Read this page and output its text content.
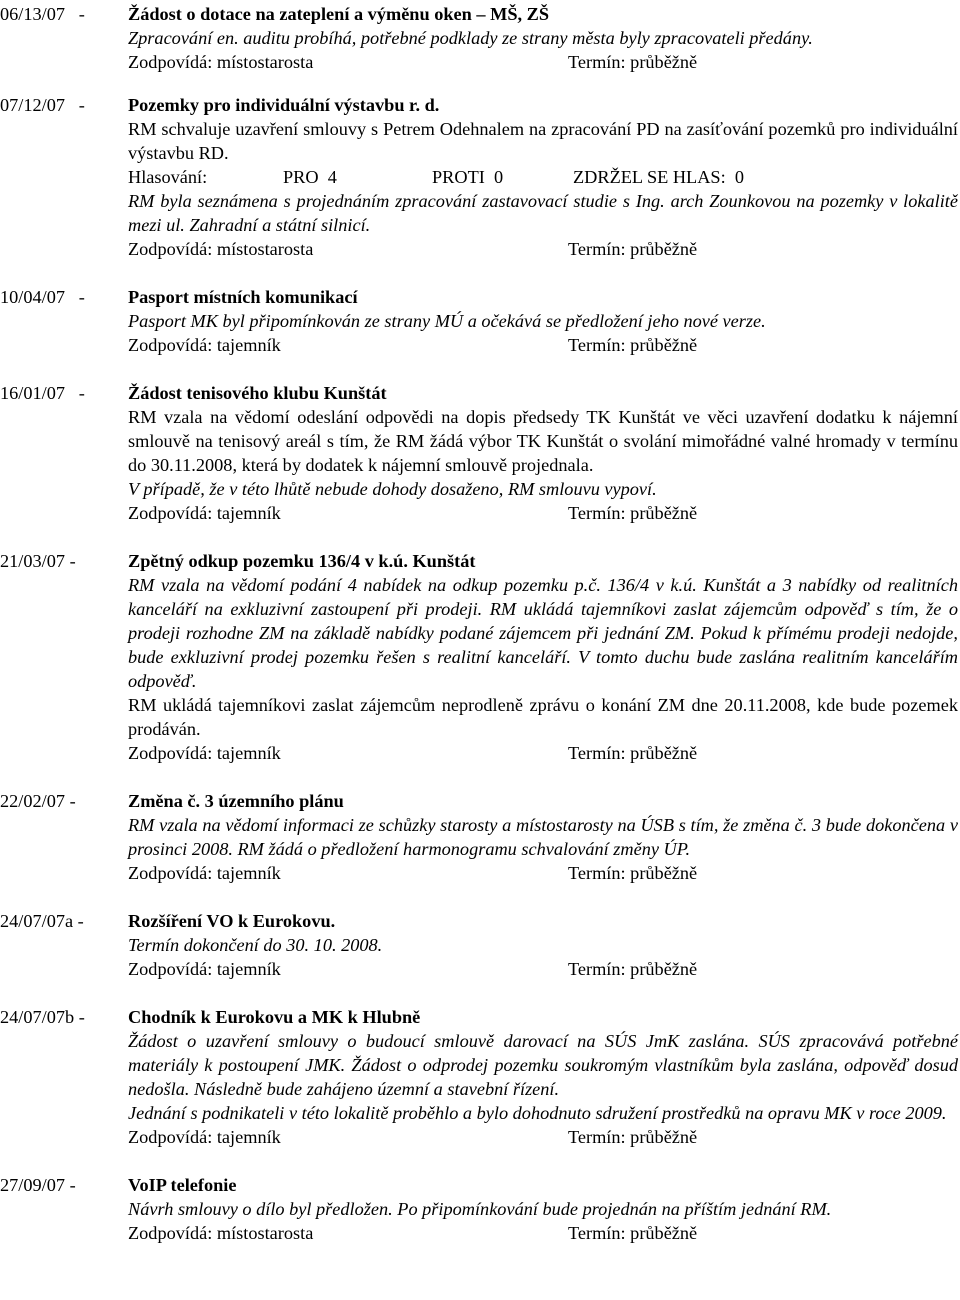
06/13/07   - Žádost o dotace na zateplení a výměnu oken – MŠ, ZŠ
Zpracování en. auditu probíhá, potřebné podklady ze strany města byly zpracovateli předány.
Zodpovídá: místostarosta	Termín: průběžně
07/12/07   - Pozemky pro individuální výstavbu r. d.
RM schvaluje uzavření smlouvy s Petrem Odehnalem na zpracování PD na zasíťování pozemků pro individuální výstavbu RD.
Hlasování:	PRO  4	PROTI  0	ZDRŽEL SE HLAS:  0
RM byla seznámena s projednáním zpracování zastavovací studie s Ing. arch Zounkovou na pozemky v lokalitě mezi ul. Zahradní a státní silnicí.
Zodpovídá: místostarosta	Termín: průběžně
10/04/07   - Pasport místních komunikací
Pasport MK byl připomínkován ze strany MÚ a očekává se předložení jeho nové verze.
Zodpovídá: tajemník	Termín: průběžně
16/01/07   - Žádost tenisového klubu Kunštát
RM vzala na vědomí odeslání odpovědi na dopis předsedy TK Kunštát ve věci uzavření dodatku k nájemní smlouvě na tenisový areál s tím, že RM žádá výbor TK Kunštát o svolání mimořádné valné hromady v termínu do 30.11.2008, která by dodatek k nájemní smlouvě projednala.
V případě, že v této lhůtě nebude dohody dosaženo, RM smlouvu vypoví.
Zodpovídá: tajemník	Termín: průběžně
21/03/07 -	Zpětný odkup pozemku 136/4 v k.ú. Kunštát
RM vzala na vědomí podání 4 nabídek na odkup pozemku p.č. 136/4 v k.ú. Kunštát a 3 nabídky od realitních kanceláří na exkluzivní zastoupení při prodeji. RM ukládá tajemníkovi zaslat zájemcům odpověď s tím, že o prodeji rozhodne ZM na základě nabídky podané zájemcem při jednání ZM. Pokud k přímému prodeji nedojde, bude exkluzivní prodej pozemku řešen s realitní kanceláří. V tomto duchu bude zaslána realitním kancelářím odpověď.
RM ukládá tajemníkovi zaslat zájemcům neprodleně zprávu o konání ZM dne 20.11.2008, kde bude pozemek prodáván.
Zodpovídá: tajemník	Termín: průběžně
22/02/07 -	Změna č. 3 územního plánu
RM vzala na vědomí informaci ze schůzky starosty a místostarosty na ÚSB s tím, že změna č. 3 bude dokončena v prosinci 2008. RM žádá o předložení harmonogramu schvalování změny ÚP.
Zodpovídá: tajemník	Termín: průběžně
24/07/07a - Rozšíření VO k Eurokovu.
Termín dokončení do 30. 10. 2008.
Zodpovídá: tajemník	Termín: průběžně
24/07/07b - Chodník k Eurokovu a MK k Hlubně
Žádost o uzavření smlouvy o budoucí smlouvě darovací na SÚS JmK zaslána. SÚS zpracovává potřebné materiály k postoupení JMK. Žádost o odprodej pozemku soukromým vlastníkům byla zaslána, odpověď dosud nedošla. Následně bude zahájeno územní a stavební řízení.
Jednání s podnikateli v této lokalitě proběhlo a bylo dohodnuto sdružení prostředků na opravu MK v roce 2009.
Zodpovídá: tajemník	Termín: průběžně
27/09/07 -	VoIP telefonie
Návrh smlouvy o dílo byl předložen. Po připomínkování bude projednán na příštím jednání RM.
Zodpovídá: místostarosta	Termín: průběžně
